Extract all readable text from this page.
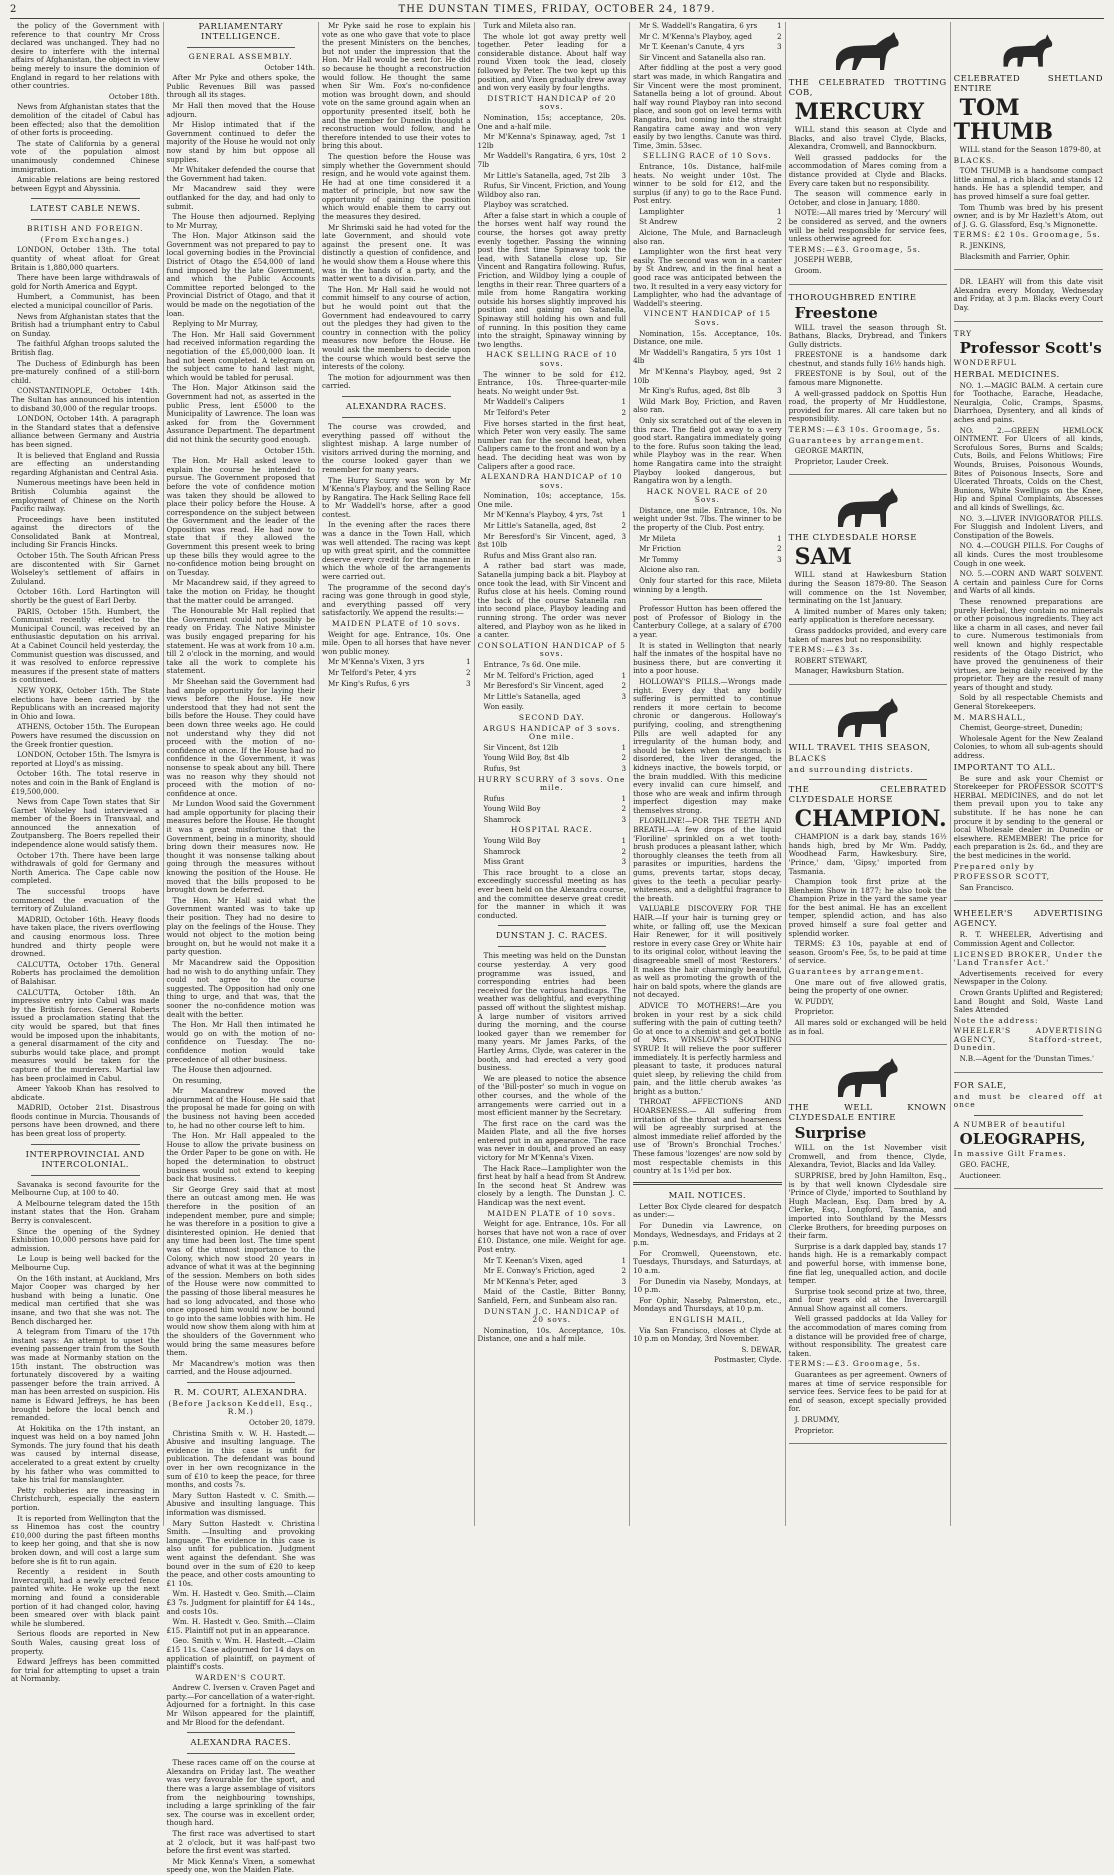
2	THE DUNSTAN TIMES, FRIDAY, OCTOBER 24, 1879.

the policy of the Government with reference to that country Mr Cross declared was unchanged. They had no desire to interfere with the internal affairs of Afghanistan, the object in view being merely to insure the dominion of England in regard to her relations with other countries.

October 18th.

News from Afghanistan states that the demolition of the citadel of Cabul has been effected; also that the demolition of other forts is proceeding.

The state of California by a general vote of the population almost unanimously condemned Chinese immigration.

Amicable relations are being restored between Egypt and Abyssinia.

LATEST CABLE NEWS.

BRITISH AND FOREIGN.

(From Exchanges.)

LONDON, October 13th. The total quantity of wheat afloat for Great Britain is 1,880,000 quarters.

There have been large withdrawals of gold for North America and Egypt.

Humbert, a Communist, has been elected a municipal councillor of Paris.

News from Afghanistan states that the British had a triumphant entry to Cabul on Sunday.

The faithful Afghan troops saluted the British flag.

The Duchess of Edinburgh has been pre-maturely confined of a still-born child.

CONSTANTINOPLE, October 14th. The Sultan has announced his intention to disband 30,000 of the regular troops.

LONDON, October 14th. A paragraph in the Standard states that a defensive alliance between Germany and Austria has been signed.

It is believed that England and Russia are effecting an understanding regarding Afghanistan and Central Asia.

Numerous meetings have been held in British Columbia against the employment of Chinese on the North Pacific railway.

Proceedings have been instituted against the directors of the Consolidated Bank at Montreal, including Sir Francis Hincks.

October 15th. The South African Press are discontented with Sir Garnet Wolseley's settlement of affairs in Zululand.

October 16th. Lord Hartington will shortly be the guest of Earl Derby.

PARIS, October 15th. Humbert, the Communist recently elected to the Municipal Council, was received by an enthusiastic deputation on his arrival. At a Cabinet Council held yesterday, the Communist question was discussed, and it was resolved to enforce repressive measures if the present state of matters is continued.

NEW YORK, October 15th. The State elections have been carried by the Republicans with an increased majority in Ohio and Iowa.

ATHENS, October 15th. The European Powers have resumed the discussion on the Greek frontier question.

LONDON, October 15th. The Ismyra is reported at Lloyd's as missing.

October 16th. The total reserve in notes and coin in the Bank of England is £19,500,000.

News from Cape Town states that Sir Garnet Wolseley had interviewed a member of the Boers in Transvaal, and announced the annexation of Zoutpansberg. The Boers repelled their independence alone would satisfy them.

October 17th. There have been large withdrawals of gold for Germany and North America. The Cape cable now completed.

The successful troops have commenced the evacuation of the territory of Zululand.

MADRID, October 16th. Heavy floods have taken place, the rivers overflowing and causing enormous loss. Three hundred and thirty people were drowned.

CALCUTTA, October 17th. General Roberts has proclaimed the demolition of Balahisar.

CALCUTTA, October 18th. An impressive entry into Cabul was made by the British forces. General Roberts issued a proclamation stating that the city would be spared, but that fines would be imposed upon the inhabitants, a general disarmament of the city and suburbs would take place, and prompt measures would be taken for the capture of the murderers. Martial law has been proclaimed in Cabul.

Ameer Yakoob Khan has resolved to abdicate.

MADRID, October 21st. Disastrous floods continue in Murcia. Thousands of persons have been drowned, and there has been great loss of property.

INTERPROVINCIAL AND INTERCOLONIAL.

Savanaka is second favourite for the Melbourne Cup, at 100 to 40.

A Melbourne telegram dated the 15th instant states that the Hon. Graham Berry is convalescent.

Since the opening of the Sydney Exhibition 10,000 persons have paid for admission.

Le Loup is being well backed for the Melbourne Cup.

On the 16th instant, at Auckland, Mrs Major Cooper was charged by her husband with being a lunatic. One medical man certified that she was insane, and two that she was not. The Bench discharged her.

A telegram from Timaru of the 17th instant says: An attempt to upset the evening passenger train from the South was made at Normanby station on the 15th instant. The obstruction was fortunately discovered by a waiting passenger before the train arrived. A man has been arrested on suspicion. His name is Edward Jeffreys, he has been brought before the local bench and remanded.

At Hokitika on the 17th instant, an inquest was held on a boy named John Symonds. The jury found that his death was caused by internal disease, accelerated to a great extent by cruelty by his father who was committed to take his trial for manslaughter.

Petty robberies are increasing in Christchurch, especially the eastern portion.

It is reported from Wellington that the ss Hinemoa has cost the country £10,000 during the past fifteen months to keep her going, and that she is now broken down, and will cost a large sum before she is fit to run again.

Recently a resident in South Invercargill, had a newly erected fence painted white. He woke up the next morning and found a considerable portion of it had changed color, having been smeared over with black paint while he slumbered.

Serious floods are reported in New South Wales, causing great loss of property.

Edward Jeffreys has been committed for trial for attempting to upset a train at Normanby.

PARLIAMENTARY INTELLIGENCE.

GENERAL ASSEMBLY.

October 14th.

After Mr Pyke and others spoke, the Public Revenues Bill was passed through all its stages.

Mr Hall then moved that the House adjourn.

Mr Hislop intimated that if the Government continued to defer the majority of the House he would not only now stand by him but oppose all supplies.

Mr Whitaker defended the course that the Government had taken.

Mr Macandrew said they were outflanked for the day, and had only to submit.

The House then adjourned. Replying to Mr Murray,

The Hon. Major Atkinson said the Government was not prepared to pay to local governing bodies in the Provincial District of Otago the £54,000 of land fund imposed by the late Government, and which the Public Accounts Committee reported belonged to the Provincial District of Otago, and that it would be made on the negotiation of the loan.

Replying to Mr Murray,

The Hon. Mr Hall said Government had received information regarding the negotiation of the £5,000,000 loan. It had not been completed. A telegram on the subject came to hand last night, which would be tabled for perusal.

The Hon. Major Atkinson said the Government had not, as asserted in the public Press, lent £5000 to the Municipality of Lawrence. The loan was asked for from the Government Assurance Department. The department did not think the security good enough.

October 15th.

The Hon. Mr Hall asked leave to explain the course he intended to pursue. The Government proposed that before the vote of confidence motion was taken they should be allowed to place their policy before the House. A correspondence on the subject between the Government and the leader of the Opposition was read. He had now to state that if they allowed the Government this present week to bring up these bills they would agree to the no-confidence motion being brought on on Tuesday.

Mr Macandrew said, if they agreed to take the motion on Friday, he thought that the matter could be arranged.

The Honourable Mr Hall replied that the Government could not possibly be ready on Friday. The Native Minister was busily engaged preparing for his statement. He was at work from 10 a.m. till 2 o'clock in the morning, and would take all the work to complete his statement.

Mr Sheehan said the Government had had ample opportunity for laying their views before the House. He now understood that they had not sent the bills before the House. They could have been down three weeks ago. He could not understand why they did not proceed with the motion of no-confidence at once. If the House had no confidence in the Government, it was nonsense to speak about any bill. There was no reason why they should not proceed with the motion of no-confidence at once.

Mr Lundon Wood said the Government had ample opportunity for placing their measures before the House. He thought it was a great misfortune that the Government, being in a minority, should bring down their measures now. He thought it was nonsense talking about going through the measures without knowing the position of the House. He moved that the bills proposed to be brought down be deferred.

The Hon. Mr Hall said what the Government wanted was to take up their position. They had no desire to play on the feelings of the House. They would not object to the motion being brought on, but he would not make it a party question.

Mr Macandrew said the Opposition had no wish to do anything unfair. They could not agree to the course suggested. The Opposition had only one thing to urge, and that was, that the sooner the no-confidence motion was dealt with the better.

The Hon. Mr Hall then intimated he would go on with the motion of no-confidence on Tuesday. The no-confidence motion would take precedence of all other business.

The House then adjourned.

On resuming,

Mr Macandrew moved the adjournment of the House. He said that the proposal he made for going on with the business not having been acceded to, he had no other course left to him.

The Hon. Mr Hall appealed to the House to allow the private business on the Order Paper to be gone on with. He hoped the determination to obstruct business would not extend to keeping back that business.

Sir George Grey said that at most there an outcast among men. He was therefore in the position of an independent member, pure and simple; he was therefore in a position to give a disinterested opinion. He denied that any time had been lost. The time spent was of the utmost importance to the Colony, which now stood 20 years in advance of what it was at the beginning of the session. Members on both sides of the House were now committed to the passing of those liberal measures he had so long advocated, and those who once opposed him would now be bound to go into the same lobbies with him. He would now show them along with him at the shoulders of the Government who would bring the same measures before them.

Mr Macandrew's motion was then carried, and the House adjourned.

R. M. COURT, ALEXANDRA.

(Before Jackson Keddell, Esq., R.M.)

October 20, 1879.

Christina Smith v. W. H. Hastedt.— Abusive and insulting language. The evidence in this case is unfit for publication. The defendant was bound over in her own recognizance in the sum of £10 to keep the peace, for three months, and costs 7s.

Mary Sutton Hastedt v. C. Smith.—Abusive and insulting language. This information was dismissed.

Mary Sutton Hastedt v. Christina Smith. —Insulting and provoking language. The evidence in this case is also unfit for publication. Judgment went against the defendant. She was bound over in the sum of £20 to keep the peace, and other costs amounting to £1 10s.

Wm. H. Hastedt v. Geo. Smith.—Claim £3 7s. Judgment for plaintiff for £4 14s., and costs 10s.

Wm. H. Hastedt v. Geo. Smith.—Claim £15. Plaintiff not put in an appearance.

Geo. Smith v. Wm. H. Hastedt.—Claim £15 11s. Case adjourned for 14 days on application of plaintiff, on payment of plaintiff's costs.

WARDEN'S COURT.

Andrew C. Iversen v. Craven Paget and party.—For cancellation of a water-right. Adjourned for a fortnight. In this case Mr Wilson appeared for the plaintiff, and Mr Blood for the defendant.

ALEXANDRA RACES.

These races came off on the course at Alexandra on Friday last. The weather was very favourable for the sport, and there was a large assemblage of visitors from the neighbouring townships, including a large sprinkling of the fair sex. The course was in excellent order, though hard.

The first race was advertised to start at 2 o'clock, but it was half-past two before the first event was started.

Mr Mick Kenna's Vixen, a somewhat speedy one, won the Maiden Plate.

Mr Pyke said he rose to explain his vote as one who gave that vote to place the present Ministers on the benches, but not under the impression that the Hon. Mr Hall would be sent for. He did so because he thought a reconstruction would follow. He thought the same when Sir Wm. Fox's no-confidence motion was brought down, and should vote on the same ground again when an opportunity presented itself, both he and the member for Dunedin thought a reconstruction would follow, and he therefore intended to use their votes to bring this about.

The question before the House was simply whether the Government should resign, and he would vote against them. He had at one time considered it a matter of principle, but now saw the opportunity of gaining the position which would enable them to carry out the measures they desired.

Mr Shrimski said he had voted for the late Government, and should vote against the present one. It was distinctly a question of confidence, and he would show them a House where this was in the hands of a party, and the matter went to a division.

The Hon. Mr Hall said he would not commit himself to any course of action, but he would point out that the Government had endeavoured to carry out the pledges they had given to the country in connection with the policy measures now before the House. He would ask the members to decide upon the course which would best serve the interests of the colony.

The motion for adjournment was then carried.

ALEXANDRA RACES.

The course was crowded, and everything passed off without the slightest mishap. A large number of visitors arrived during the morning, and the course looked gayer than we remember for many years.

The Hurry Scurry was won by Mr M'Kenna's Playboy, and the Selling Race by Rangatira. The Hack Selling Race fell to Mr Waddell's horse, after a good contest.

In the evening after the races there was a dance in the Town Hall, which was well attended. The racing was kept up with great spirit, and the committee deserve every credit for the manner in which the whole of the arrangements were carried out.

The programme of the second day's racing was gone through in good style, and everything passed off very satisfactorily. We append the results:—

MAIDEN PLATE of 10 sovs.

Weight for age. Entrance, 10s. One mile. Open to all horses that have never won public money.

Mr M'Kenna's Vixen, 3 yrs	1

Mr Telford's Peter, 4 yrs	2

Mr King's Rufus, 6 yrs	3

Turk and Mileta also ran.

The whole lot got away pretty well together. Peter leading for a considerable distance. About half way round Vixen took the lead, closely followed by Peter. The two kept up this position, and Vixen gradually drew away and won very easily by four lengths.

DISTRICT HANDICAP of 20 sovs.

Nomination, 15s; acceptance, 20s. One and a-half mile.

Mr M'Kenna's Spinaway, aged, 7st 12lb
1

Mr Waddell's Rangatira, 6 yrs, 10st 7lb
2

Mr Little's Satanella, aged, 7st 2lb	3

Rufus, Sir Vincent, Friction, and Young Wildboy also ran.

Playboy was scratched.

After a false start in which a couple of the horses went half way round the course, the horses got away pretty evenly together. Passing the winning post the first time Spinaway took the lead, with Satanella close up, Sir Vincent and Rangatira following. Rufus, Friction, and Wildboy lying a couple of lengths in their rear. Three quarters of a mile from home Rangatira working outside his horses slightly improved his position and gaining on Satanella, Spinaway still holding his own and full of running. In this position they came into the straight, Spinaway winning by two lengths.

HACK SELLING RACE of 10 sovs.

The winner to be sold for £12. Entrance, 10s. Three-quarter-mile heats. No weight under 9st.

Mr Waddell's Calipers	1

Mr Telford's Peter	2

Five horses started in the first heat, which Peter won very easily. The same number ran for the second heat, when Calipers came to the front and won by a head. The deciding heat was won by Calipers after a good race.

ALEXANDRA HANDICAP of 10 sovs.

Nomination, 10s; acceptance, 15s. One mile.

Mr M'Kenna's Playboy, 4 yrs, 7st	1

Mr Little's Satanella, aged, 8st	2

Mr Beresford's Sir Vincent, aged, 8st 10lb
3

Rufus and Miss Grant also ran.

A rather bad start was made, Satanella jumping back a bit. Playboy at once took the lead, with Sir Vincent and Rufus close at his heels. Coming round the back of the course Satanella ran into second place, Playboy leading and running strong. The order was never altered, and Playboy won as he liked in a canter.

CONSOLATION HANDICAP of 5 sovs.

Entrance, 7s 6d. One mile.

Mr M. Telford's Friction, aged	1

Mr Beresford's Sir Vincent, aged	2

Mr Little's Satanella, aged	3

Won easily.

SECOND DAY.

ARGUS HANDICAP of 3 sovs. One mile.

Sir Vincent, 8st 12lb	1

Young Wild Boy, 8st 4lb	2

Rufus, 9st	3

HURRY SCURRY of 3 sovs. One mile.

Rufus	1

Young Wild Boy	2

Shamrock	3

HOSPITAL RACE.

Young Wild Boy	1

Shamrock	2

Miss Grant	3

This race brought to a close an exceedingly successful meeting as has ever been held on the Alexandra course, and the committee deserve great credit for the manner in which it was conducted.

DUNSTAN J. C. RACES.

This meeting was held on the Dunstan course yesterday. A very good programme was issued, and corresponding entries had been received for the various handicaps. The weather was delightful, and everything passed off without the slightest mishap. A large number of visitors arrived during the morning, and the course looked gayer than we remember for many years. Mr James Parks, of the Hartley Arms, Clyde, was caterer in the booth, and had erected a very good business.

We are pleased to notice the absence of the 'Bill-poster' so much in vogue on other courses, and the whole of the arrangements were carried out in a most efficient manner by the Secretary.

The first race on the card was the Maiden Plate, and all the five horses entered put in an appearance. The race was never in doubt, and proved an easy victory for Mr M'Kenna's Vixen.

The Hack Race—Lamplighter won the first heat by half a head from St Andrew. In the second heat St Andrew was closely by a length. The Dunstan J. C. Handicap was the next event.

MAIDEN PLATE of 10 sovs.

Weight for age. Entrance, 10s. For all horses that have not won a race of over £10. Distance, one mile. Weight for age. Post entry.

Mr T. Keenan's Vixen, aged	1

Mr E. Conway's Friction, aged	2

Mr M'Kenna's Peter, aged	3

Maid of the Castle, Bitter Bonny, Sanfield, Fern, and Sunbeam also ran.

DUNSTAN J.C. HANDICAP of 20 sovs.

Nomination, 10s. Acceptance, 10s. Distance, one and a half mile.

Mr S. Waddell's Rangatira, 6 yrs	1

Mr C. M'Kenna's Playboy, aged	2

Mr T. Keenan's Canute, 4 yrs	3

Sir Vincent and Satanella also ran.

After fiddling at the post a very good start was made, in which Rangatira and Sir Vincent were the most prominent, Satanella being a lot of ground. About half way round Playboy ran into second place, and soon got on level terms with Rangatira, but coming into the straight Rangatira came away and won very easily by two lengths. Canute was third. Time, 3min. 53sec.

SELLING RACE of 10 Sovs.

Entrance, 10s. Distance, half-mile heats. No weight under 10st. The winner to be sold for £12, and the surplus (if any) to go to the Race Fund. Post entry.

Lamplighter	1

St Andrew	2

Alcione, The Mule, and Barnacleugh also ran.

Lamplighter won the first heat very easily. The second was won in a canter by St Andrew, and in the final heat a good race was anticipated between the two. It resulted in a very easy victory for Lamplighter, who had the advantage of Waddell's steering.

VINCENT HANDICAP of 15 Sovs.

Nomination, 15s. Acceptance, 10s. Distance, one mile.

Mr Waddell's Rangatira, 5 yrs 10st 4lb
1

Mr M'Kenna's Playboy, aged, 9st 10lb
2

Mr King's Rufus, aged, 8st 8lb	3

Wild Mark Boy, Friction, and Raven also ran.

Only six scratched out of the eleven in this race. The field got away to a very good start. Rangatira immediately going to the fore. Rufus soon taking the lead, while Playboy was in the rear. When home Rangatira came into the straight Playboy looked dangerous, but Rangatira won by a length.

HACK NOVEL RACE of 20 Sovs.

Distance, one mile. Entrance, 10s. No weight under 9st. 7lbs. The winner to be the property of the Club. Post entry.

Mr Mileta	1

Mr Friction	2

Mr Tommy	3

Alcione also ran.

Only four started for this race, Mileta winning by a length.

Professor Hutton has been offered the post of Professor of Biology in the Canterbury College, at a salary of £700 a year.

It is stated in Wellington that nearly half the inmates of the hospital have no business there, but are converting it into a poor house.

HOLLOWAY'S PILLS.—Wrongs made right. Every day that any bodily suffering is permitted to continue renders it more certain to become chronic or dangerous. Holloway's purifying, cooling, and strengthening Pills are well adapted for any irregularity of the human body, and should be taken when the stomach is disordered, the liver deranged, the kidneys inactive, the bowels torpid, or the brain muddled. With this medicine every invalid can cure himself, and those who are weak and infirm through imperfect digestion may make themselves strong.

FLORILINE!—FOR THE TEETH AND BREATH.—A few drops of the liquid 'Floriline' sprinkled on a wet tooth-brush produces a pleasant lather, which thoroughly cleanses the teeth from all parasites or impurities, hardens the gums, prevents tartar, stops decay, gives to the teeth a peculiar pearly-whiteness, and a delightful fragrance to the breath.

VALUABLE DISCOVERY FOR THE HAIR.—If your hair is turning grey or white, or falling off, use the Mexican Hair Renewer, for it will positively restore in every case Grey or White hair to its original color, without leaving the disagreeable smell of most 'Restorers.' It makes the hair charmingly beautiful, as well as promoting the growth of the hair on bald spots, where the glands are not decayed.

ADVICE TO MOTHERS!—Are you broken in your rest by a sick child suffering with the pain of cutting teeth? Go at once to a chemist and get a bottle of Mrs. WINSLOW'S SOOTHING SYRUP. It will relieve the poor sufferer immediately. It is perfectly harmless and pleasant to taste, it produces natural quiet sleep, by relieving the child from pain, and the little cherub awakes 'as bright as a button.'

THROAT AFFECTIONS AND HOARSENESS.— All suffering from irritation of the throat and hoarseness will be agreeably surprised at the almost immediate relief afforded by the use of 'Brown's Bronchial Troches.' These famous 'lozenges' are now sold by most respectable chemists in this country at 1s 1½d per box.

MAIL NOTICES.

Letter Box Clyde cleared for despatch as under:—

For Dunedin via Lawrence, on Mondays, Wednesdays, and Fridays at 2 p.m.

For Cromwell, Queenstown, etc. Tuesdays, Thursdays, and Saturdays, at 10 a.m.

For Dunedin via Naseby, Mondays, at 10 p.m.

For Ophir, Naseby, Palmerston, etc., Mondays and Thursdays, at 10 p.m.

ENGLISH MAIL,

Via San Francisco, closes at Clyde at 10 p.m on Monday, 3rd November.

S. DEWAR,

Postmaster, Clyde.

THE CELEBRATED TROTTING COB,

MERCURY

WILL stand this season at Clyde and Blacks, and also travel Clyde, Blacks, Alexandra, Cromwell, and Bannockburn.

Well grassed paddocks for the accommodation of Mares coming from a distance provided at Clyde and Blacks. Every care taken but no responsibility.

The season will commence early in October, and close in January, 1880.

NOTE:—All mares tried by 'Mercury' will be considered as served, and the owners will be held responsible for service fees, unless otherwise agreed for.

TERMS:—£3. Groomage, 5s.

JOSEPH WEBB,

Groom.

THOROUGHBRED ENTIRE

Freestone

WILL travel the season through St. Bathans, Blacks, Drybread, and Tinkers Gully districts.

FREESTONE is a handsome dark chestnut, and stands fully 16½ hands high.

FREESTONE is by Soul, out of the famous mare Mignonette.

A well-grassed paddock on Spottis Hun road, the property of Mr Huddlestone, provided for mares. All care taken but no responsibility.

TERMS:—£3 10s. Groomage, 5s.

Guarantees by arrangement.

GEORGE MARTIN,

Proprietor, Lauder Creek.

THE CLYDESDALE HORSE

SAM

WILL stand at Hawkesburn Station during the Season 1879-80. The Season will commence on the 1st November, terminating on the 1st January.

A limited number of Mares only taken; early application is therefore necessary.

Grass paddocks provided, and every care taken of mares but no responsibility.

TERMS:—£3 3s.

ROBERT STEWART,

Manager, Hawksburn Station.

WILL TRAVEL THIS SEASON,

BLACKS

and surrounding districts.

THE CELEBRATED CLYDESDALE HORSE

CHAMPION.

CHAMPION is a dark bay, stands 16½ hands high, bred by Mr Wm. Paddy, Woodhead Farm, Hawkesbury. Sire, 'Prince,' dam, 'Gipsy,' imported from Tasmania.

Champion took first prize at the Blenheim Show in 1877; he also took the Champion Prize in the yard the same year for the best animal. He has an excellent temper, splendid action, and has also proved himself a sure foal getter and splendid worker.

TERMS: £3 10s, payable at end of season. Groom's Fee, 5s, to be paid at time of service.

Guarantees by arrangement.

One mare out of five allowed gratis, being the property of one owner.

W. PUDDY,

Proprietor.

All mares sold or exchanged will be held as in foal.

THE WELL KNOWN CLYDESDALE ENTIRE

Surprise

WILL on the 1st November visit Cromwell, and from thence, Clyde, Alexandra, Teviot, Blacks and Ida Valley.

SURPRISE, bred by John Hamilton, Esq., is by that well known Clydesdale sire 'Prince of Clyde,' imported to Southland by Hugh Maclean, Esq. Dam bred by A. Clerke, Esq., Longford, Tasmania, and imported into Southland by the Messrs Clerke Brothers, for breeding purposes on their farm.

Surprise is a dark dappled bay, stands 17 hands high. He is a remarkably compact and powerful horse, with immense bone, fine flat leg, unequalled action, and docile temper.

Surprise took second prize at two, three, and four years old at the Invercargill Annual Show against all comers.

Well grassed paddocks at Ida Valley for the accommodation of mares coming from a distance will be provided free of charge, without responsibility. The greatest care taken.

TERMS:—£3. Groomage, 5s.

Guarantees as per agreement. Owners of mares at time of service responsible for service fees. Service fees to be paid for at end of season, except specially provided for.

J. DRUMMY,

Proprietor.

CELEBRATED SHETLAND ENTIRE

TOM THUMB

WILL stand for the Season 1879-80, at

BLACKS.

TOM THUMB is a handsome compact little animal, a rich black, and stands 12 hands. He has a splendid temper, and has proved himself a sure foal getter.

Tom Thumb was bred by his present owner, and is by Mr Hazlett's Atom, out of J. G. G. Glassford, Esq.'s Mignonette.

TERMS: £2 10s. Groomage, 5s.

R. JENKINS,

Blacksmith and Farrier, Ophir.

DR. LEAHY will from this date visit Alexandra every Monday, Wednesday and Friday, at 3 p.m. Blacks every Court Day.

TRY

Professor Scott's

WONDERFUL

HERBAL MEDICINES.

NO. 1.—MAGIC BALM. A certain cure for Toothache, Earache, Headache, Neuralgia, Colic, Cramps, Spasms, Diarrhoea, Dysentery, and all kinds of aches and pains.

NO. 2.—GREEN HEMLOCK OINTMENT. For Ulcers of all kinds, Scrofulous Sores, Burns and Scalds; Cuts, Boils, and Felons Whitlows; Fire Wounds, Bruises, Poisonous Wounds, Bites of Poisonous Insects, Sore and Ulcerated Throats, Colds on the Chest, Bunions, White Swellings on the Knee, Hip and Spinal Complaints, Abscesses and all kinds of Swellings, &c.

NO. 3.—LIVER INVIGORATOR PILLS. For Sluggish and Indolent Livers, and Constipation of the Bowels.

NO. 4.—COUGH PILLS. For Coughs of all kinds. Cures the most troublesome Cough in one week.

NO. 5.—CORN AND WART SOLVENT. A certain and painless Cure for Corns and Warts of all kinds.

These renowned preparations are purely Herbal, they contain no minerals or other poisonous ingredients. They act like a charm in all cases, and never fail to cure. Numerous testimonials from well known and highly respectable residents of the Otago District, who have proved the genuineness of their virtues, are being daily received by the proprietor. They are the result of many years of thought and study.

Sold by all respectable Chemists and General Storekeepers.

M. MARSHALL,

Chemist, George-street, Dunedin;

Wholesale Agent for the New Zealand Colonies, to whom all sub-agents should address.

IMPORTANT TO ALL.

Be sure and ask your Chemist or Storekeeper for PROFESSOR SCOTT'S HERBAL MEDICINES, and do not let them prevail upon you to take any substitute. If he has none he can procure it by sending to the general or local Wholesale dealer in Dunedin or elsewhere. REMEMBER! The price for each preparation is 2s. 6d., and they are the best medicines in the world.

Prepared only by

PROFESSOR SCOTT,

San Francisco.

WHEELER'S ADVERTISING AGENCY.

R. T. WHEELER, Advertising and Commission Agent and Collector.

LICENSED BROKER, Under the 'Land Transfer Act.'

Advertisements received for every Newspaper in the Colony.

Crown Grants Uplifted and Registered; Land Bought and Sold, Waste Land Sales Attended

Note the address:

WHEELER'S ADVERTISING AGENCY, Stafford-street, Dunedin.

N.B.—Agent for the 'Dunstan Times.'

FOR SALE,

and must be cleared off at once

A NUMBER of beautiful

OLEOGRAPHS,

In massive Gilt Frames.

GEO. FACHE,

Auctioneer.
